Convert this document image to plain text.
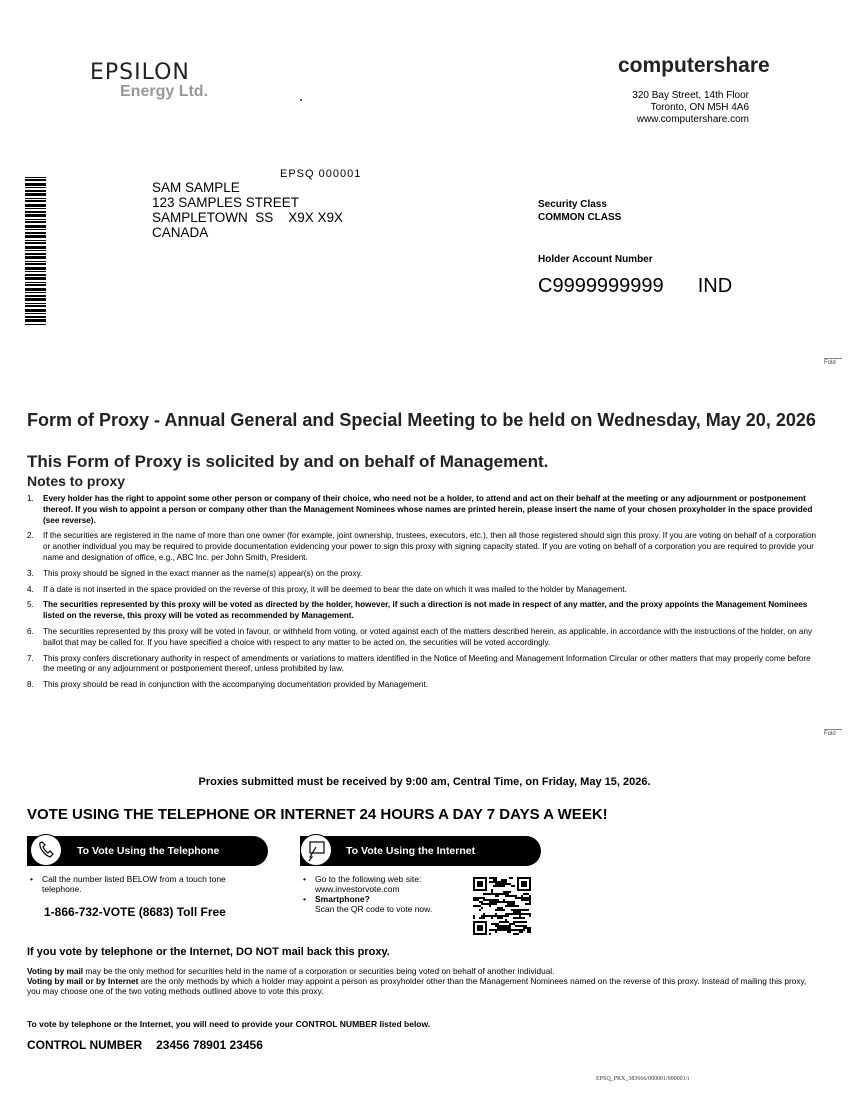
EPSILON
Energy Ltd.
computershare
320 Bay Street, 14th Floor
Toronto, ON M5H 4A6
www.computershare.com
EPSQ 000001
SAM SAMPLE
123 SAMPLES STREET
SAMPLETOWN  SS    X9X X9X
CANADA
Security Class
COMMON CLASS
Holder Account Number
C9999999999 IND
Fold
Fold
Form of Proxy - Annual General and Special Meeting to be held on Wednesday, May 20, 2026
This Form of Proxy is solicited by and on behalf of Management.
Notes to proxy
1. Every holder has the right to appoint some other person or company of their choice, who need not be a holder, to attend and act on their behalf at the meeting or any adjournment or postponement thereof. If you wish to appoint a person or company other than the Management Nominees whose names are printed herein, please insert the name of your chosen proxyholder in the space provided (see reverse).
2. If the securities are registered in the name of more than one owner (for example, joint ownership, trustees, executors, etc.), then all those registered should sign this proxy. If you are voting on behalf of a corporation or another individual you may be required to provide documentation evidencing your power to sign this proxy with signing capacity stated. If you are voting on behalf of a corporation you are required to provide your name and designation of office, e.g., ABC Inc. per John Smith, President.
3. This proxy should be signed in the exact manner as the name(s) appear(s) on the proxy.
4. If a date is not inserted in the space provided on the reverse of this proxy, it will be deemed to bear the date on which it was mailed to the holder by Management.
5. The securities represented by this proxy will be voted as directed by the holder, however, if such a direction is not made in respect of any matter, and the proxy appoints the Management Nominees listed on the reverse, this proxy will be voted as recommended by Management.
6. The securities represented by this proxy will be voted in favour, or withheld from voting, or voted against each of the matters described herein, as applicable, in accordance with the instructions of the holder, on any ballot that may be called for. If you have specified a choice with respect to any matter to be acted on, the securities will be voted accordingly.
7. This proxy confers discretionary authority in respect of amendments or variations to matters identified in the Notice of Meeting and Management Information Circular or other matters that may properly come before the meeting or any adjournment or postponement thereof, unless prohibited by law.
8. This proxy should be read in conjunction with the accompanying documentation provided by Management.
Proxies submitted must be received by 9:00 am, Central Time, on Friday, May 15, 2026.
VOTE USING THE TELEPHONE OR INTERNET 24 HOURS A DAY 7 DAYS A WEEK!
To Vote Using the Telephone
• Call the number listed BELOW from a touch tone telephone.
1-866-732-VOTE (8683) Toll Free
To Vote Using the Internet
• Go to the following web site: www.investorvote.com
• Smartphone?
Scan the QR code to vote now.
If you vote by telephone or the Internet, DO NOT mail back this proxy.
Voting by mail may be the only method for securities held in the name of a corporation or securities being voted on behalf of another individual.
Voting by mail or by Internet are the only methods by which a holder may appoint a person as proxyholder other than the Management Nominees named on the reverse of this proxy. Instead of mailing this proxy, you may choose one of the two voting methods outlined above to vote this proxy.
To vote by telephone or the Internet, you will need to provide your CONTROL NUMBER listed below.
CONTROL NUMBER 23456 78901 23456
EPSQ_PRX_383666/000001/000001/i
